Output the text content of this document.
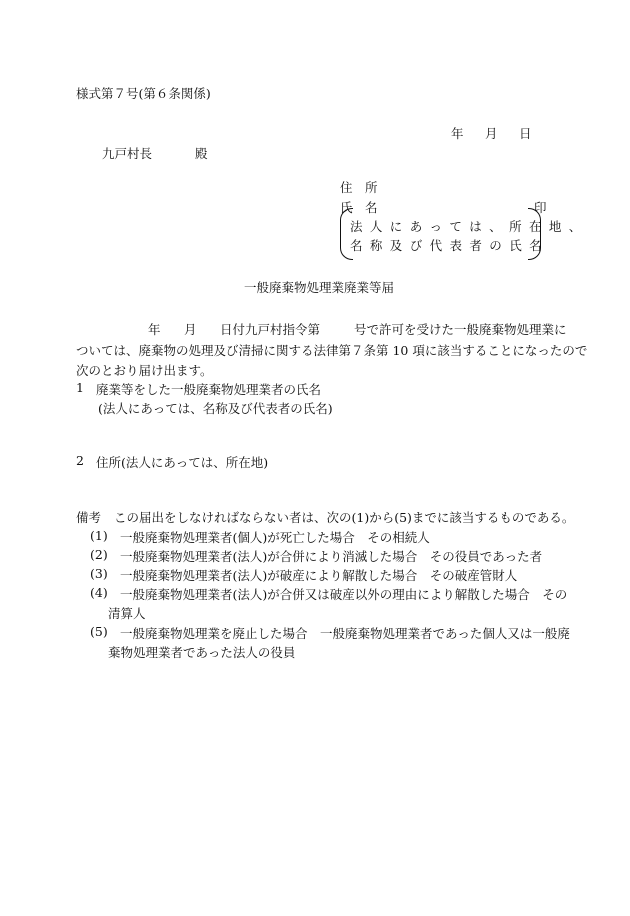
様式第７号(第６条関係)
年 月 日
九戸村長	殿
住　所
氏　名	印
法人にあっては、所在地、
名称及び代表者の氏名
一般廃棄物処理業廃業等届
年 月 日付九戸村指令第	号で許可を受けた一般廃棄物処理業に
ついては、廃棄物の処理及び清掃に関する法律第７条第 10 項に該当することになったので
次のとおり届け出ます。
1 廃業等をした一般廃棄物処理業者の氏名
(法人にあっては、名称及び代表者の氏名)
2 住所(法人にあっては、所在地)
備考 この届出をしなければならない者は、次の(1)から(5)までに該当するものである。
(1) 一般廃棄物処理業者(個人)が死亡した場合　その相続人
(2) 一般廃棄物処理業者(法人)が合併により消滅した場合　その役員であった者
(3) 一般廃棄物処理業者(法人)が破産により解散した場合　その破産管財人
(4) 一般廃棄物処理業者(法人)が合併又は破産以外の理由により解散した場合　その
清算人
(5) 一般廃棄物処理業を廃止した場合　一般廃棄物処理業者であった個人又は一般廃
棄物処理業者であった法人の役員
